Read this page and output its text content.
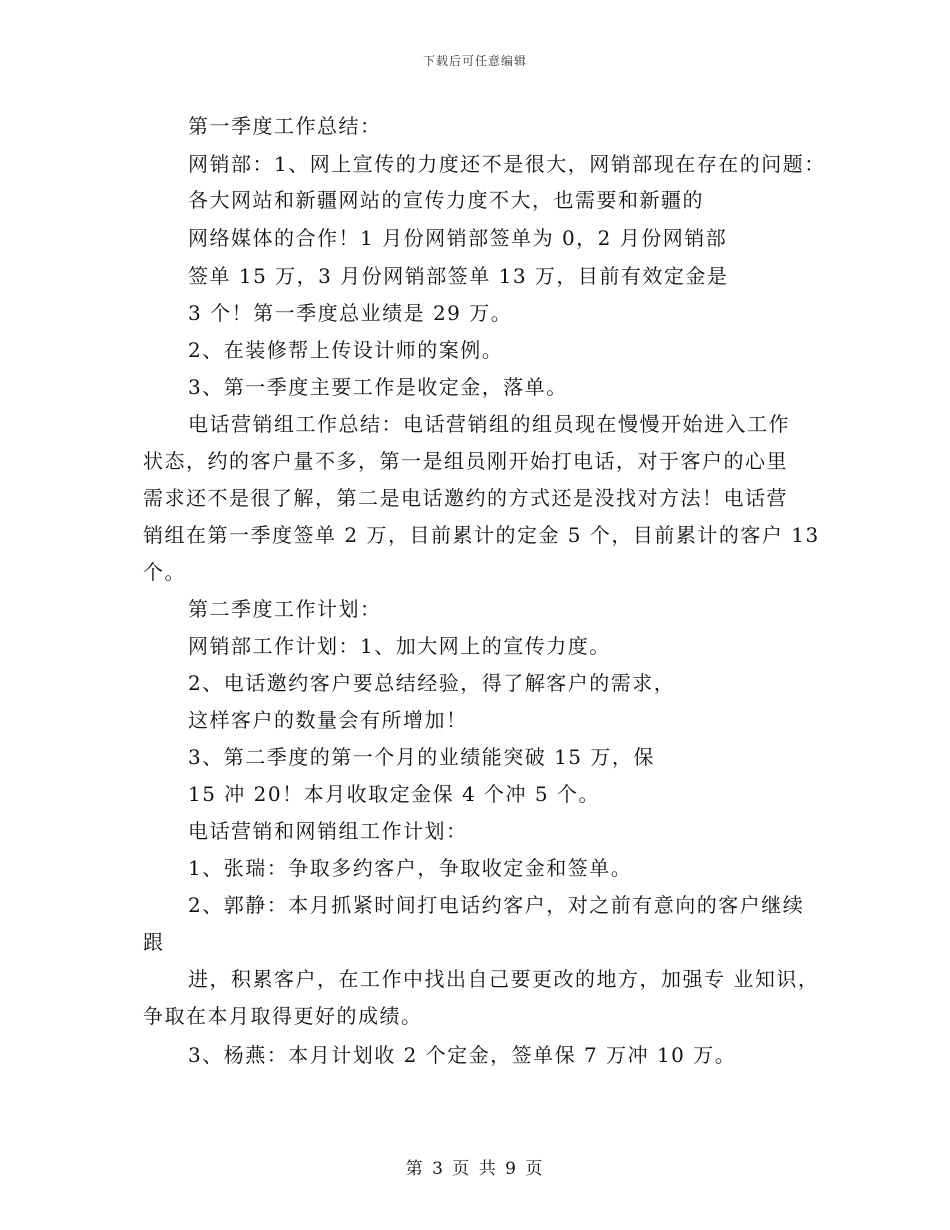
下载后可任意编辑
第一季度工作总结：
网销部：1、网上宣传的力度还不是很大，网销部现在存在的问题：
各大网站和新疆网站的宣传力度不大，也需要和新疆的
网络媒体的合作！1 月份网销部签单为 0，2 月份网销部
签单 15 万，3 月份网销部签单 13 万，目前有效定金是
3 个！第一季度总业绩是 29 万。
2、在装修帮上传设计师的案例。
3、第一季度主要工作是收定金，落单。
电话营销组工作总结：电话营销组的组员现在慢慢开始进入工作
状态，约的客户量不多，第一是组员刚开始打电话，对于客户的心里
需求还不是很了解，第二是电话邀约的方式还是没找对方法！电话营
销组在第一季度签单 2 万，目前累计的定金 5 个，目前累计的客户 13
个。
第二季度工作计划：
网销部工作计划：1、加大网上的宣传力度。
2、电话邀约客户要总结经验，得了解客户的需求，
这样客户的数量会有所增加！
3、第二季度的第一个月的业绩能突破 15 万，保
15 冲 20！本月收取定金保 4 个冲 5 个。
电话营销和网销组工作计划：
1、张瑞：争取多约客户，争取收定金和签单。
2、郭静：本月抓紧时间打电话约客户，对之前有意向的客户继续
跟
进，积累客户，在工作中找出自己要更改的地方，加强专 业知识，
争取在本月取得更好的成绩。
3、杨燕：本月计划收 2 个定金，签单保 7 万冲 10 万。
第 3 页 共 9 页
